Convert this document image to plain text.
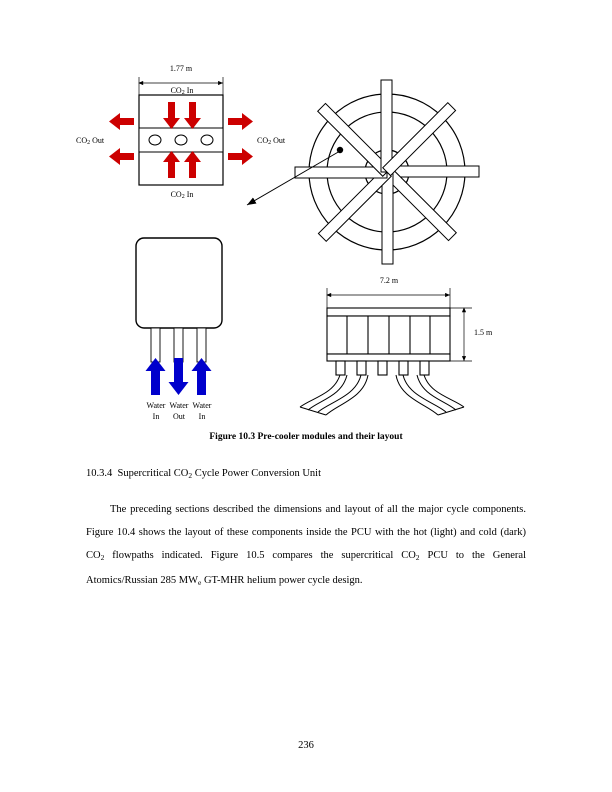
1.77 m
$CO_2$ In
$CO_2$ In
$CO_2$ Out	$CO_2$ Out
Water
In
Water
Out
Water
In
7.2 m
1.5 m
Figure 10.3 Pre-cooler modules and their layout
10.3.4 Supercritical $CO_2$ Cycle Power Conversion Unit
The preceding sections described the dimensions and layout of all the major cycle components. Figure 10.4 shows the layout of these components inside the PCU with the hot (light) and cold (dark) $CO_2$ flowpaths indicated. Figure 10.5 compares the supercritical $CO_2$ PCU to the General Atomics/Russian 285 $MW_e$ GT-MHR helium power cycle design.
236
